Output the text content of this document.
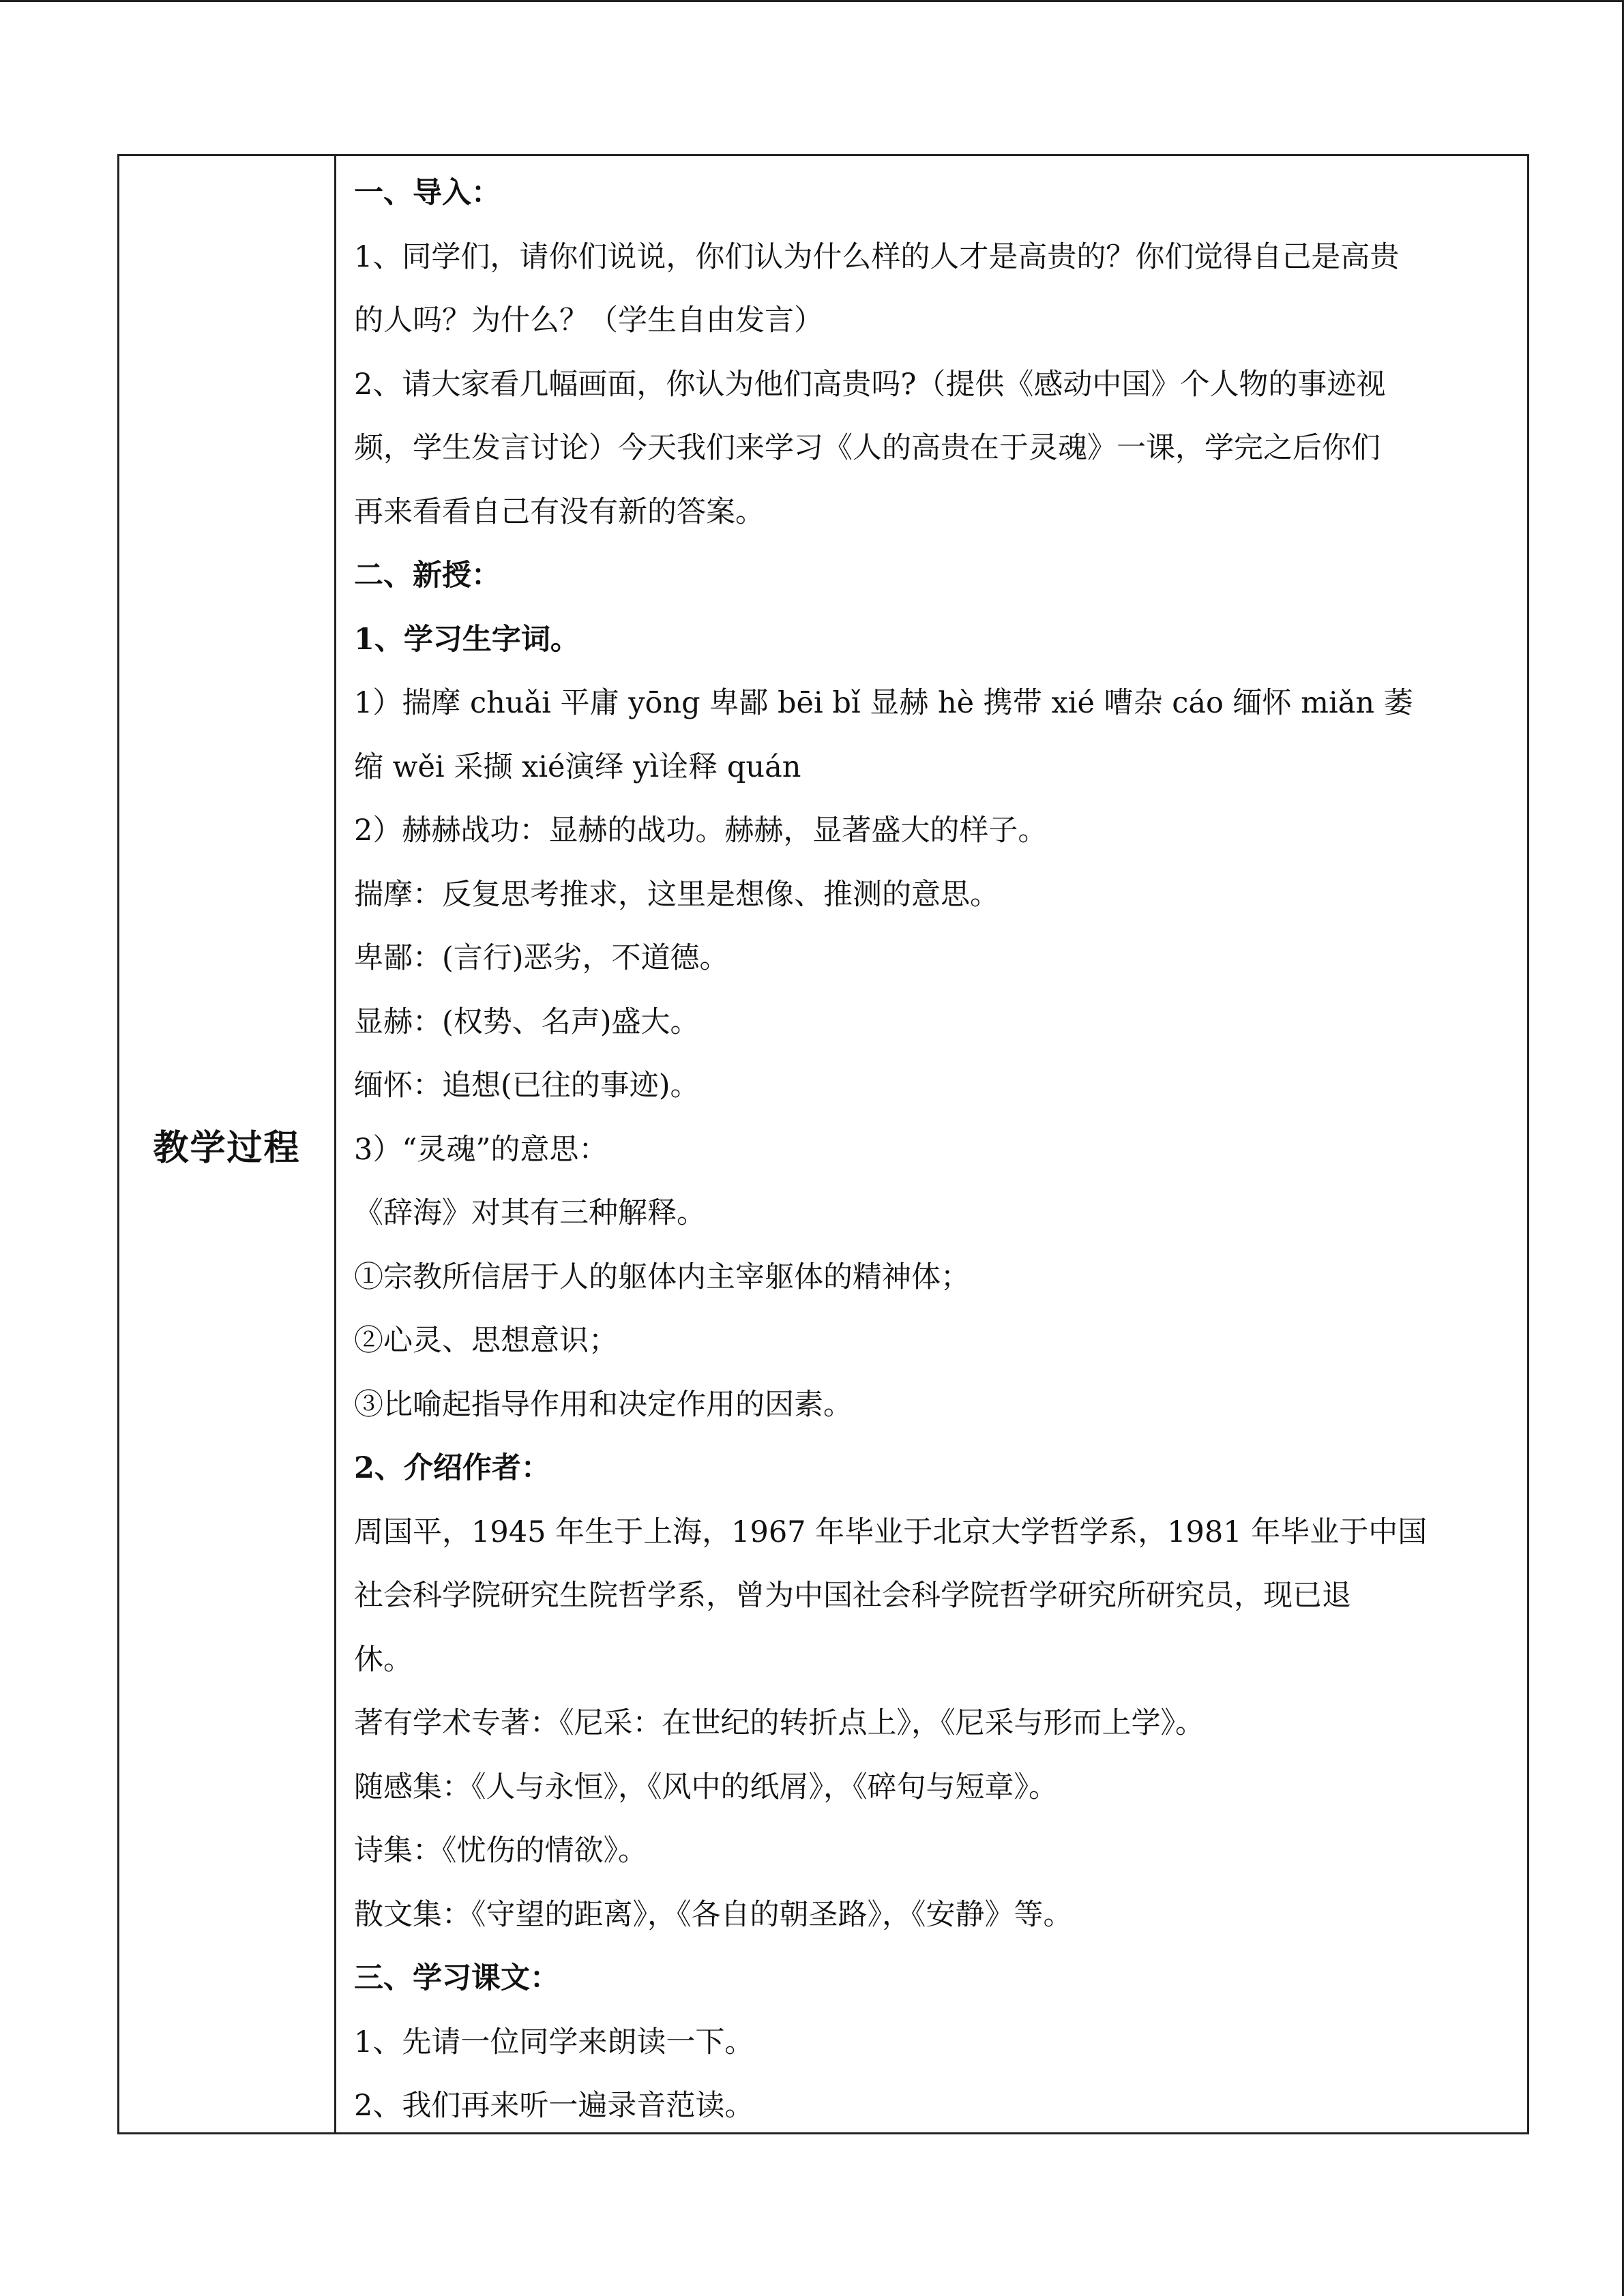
教学过程
一、导入：
1、同学们，请你们说说，你们认为什么样的人才是高贵的？你们觉得自己是高贵
的人吗？为什么？（学生自由发言）
2、请大家看几幅画面，你认为他们高贵吗?（提供《感动中国》个人物的事迹视
频，学生发言讨论）今天我们来学习《人的高贵在于灵魂》一课，学完之后你们
再来看看自己有没有新的答案。
二、新授：
1、学习生字词。
1）揣摩 chuǎi 平庸 yōng 卑鄙 bēi bǐ 显赫 hè 携带 xié 嘈杂 cáo 缅怀 miǎn 萎
缩 wěi 采撷 xié演绎 yì诠释 quán
2）赫赫战功：显赫的战功。赫赫，显著盛大的样子。
揣摩：反复思考推求，这里是想像、推测的意思。
卑鄙：(言行)恶劣，不道德。
显赫：(权势、名声)盛大。
缅怀：追想(已往的事迹)。
3）“灵魂”的意思：
《辞海》对其有三种解释。
①宗教所信居于人的躯体内主宰躯体的精神体；
②心灵、思想意识；
③比喻起指导作用和决定作用的因素。
2、介绍作者：
周国平，1945 年生于上海，1967 年毕业于北京大学哲学系，1981 年毕业于中国
社会科学院研究生院哲学系，曾为中国社会科学院哲学研究所研究员，现已退
休。
著有学术专著：《尼采：在世纪的转折点上》，《尼采与形而上学》。
随感集：《人与永恒》，《风中的纸屑》，《碎句与短章》。
诗集：《忧伤的情欲》。
散文集：《守望的距离》，《各自的朝圣路》，《安静》等。
三、学习课文：
1、先请一位同学来朗读一下。
2、我们再来听一遍录音范读。
